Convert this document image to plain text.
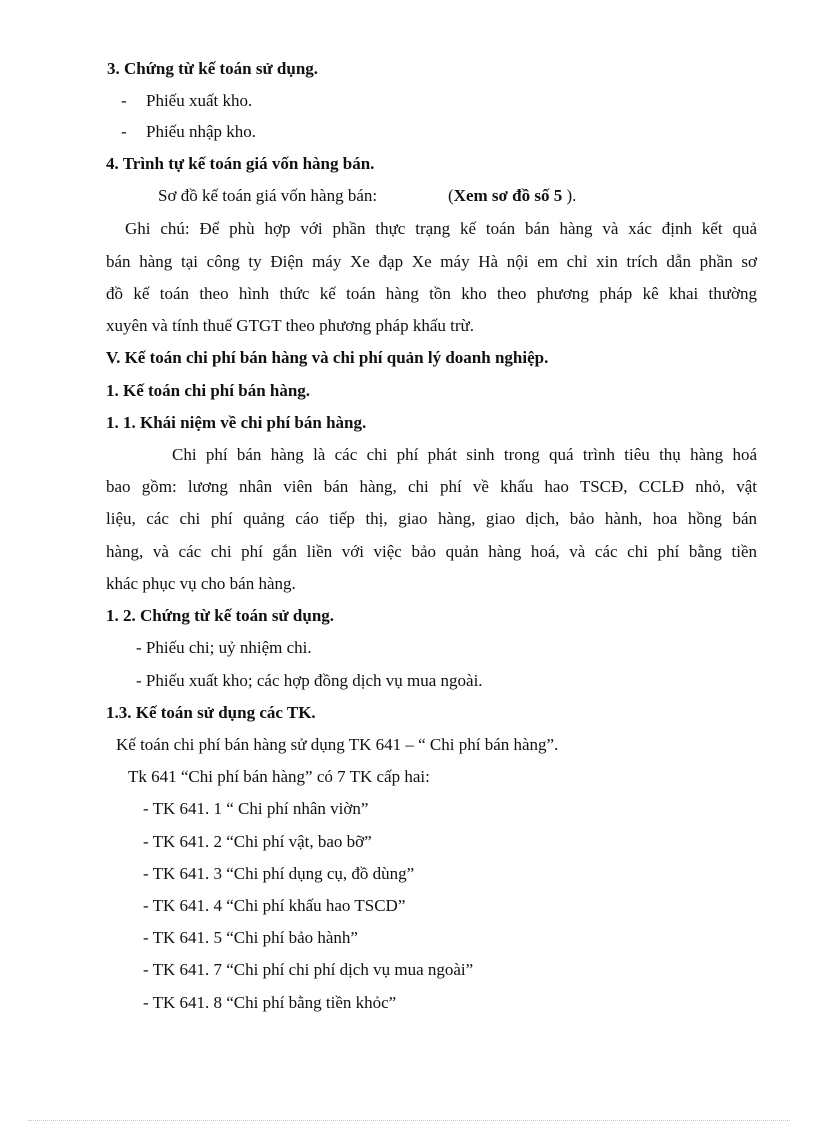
3. Chứng từ kế toán sử dụng.
- Phiếu xuất kho.
- Phiếu nhập kho.
4. Trình tự kế toán giá vốn hàng bán.
Sơ đồ kế toán giá vốn hàng bán:	(Xem sơ đồ số 5 ).
Ghi chú: Để phù hợp với phần thực trạng kế toán bán hàng và xác định kết quả
bán hàng tại công ty Điện máy Xe đạp Xe máy Hà nội em chỉ xin trích dẫn phần sơ
đồ kế toán theo hình thức kế toán hàng tồn kho theo phương pháp kê khai thường
xuyên và tính thuế GTGT theo phương pháp khấu trừ.
V. Kế toán chi phí bán hàng và chi phí quản lý doanh nghiệp.
1. Kế toán chi phí bán hàng.
1. 1. Khái niệm về chi phí bán hàng.
Chi phí bán hàng là các chi phí phát sinh trong quá trình tiêu thụ hàng hoá
bao gồm: lương nhân viên bán hàng, chi phí về khấu hao TSCĐ, CCLĐ nhỏ, vật
liệu, các chi phí quảng cáo tiếp thị, giao hàng, giao dịch, bảo hành, hoa hồng bán
hàng, và các chi phí gắn liền với việc bảo quản hàng hoá, và các chi phí bằng tiền
khác phục vụ cho bán hàng.
1. 2. Chứng từ kế toán sử dụng.
- Phiếu chi; uỷ nhiệm chi.
- Phiếu xuất kho; các hợp đồng dịch vụ mua ngoài.
1.3. Kế toán sử dụng các TK.
Kế toán chi phí bán hàng sử dụng TK 641 – “ Chi phí bán hàng”.
Tk 641 “Chi phí bán hàng” có 7 TK cấp hai:
- TK 641. 1 “ Chi phí nhân viờn”
- TK 641. 2 “Chi phí vật, bao bỡ”
- TK 641. 3 “Chi phí dụng cụ, đồ dùng”
- TK 641. 4 “Chi phí khấu hao TSCD”
- TK 641. 5 “Chi phí bảo hành”
- TK 641. 7 “Chi phí chi phí dịch vụ mua ngoài”
- TK 641. 8 “Chi phí bằng tiền khỏc”
